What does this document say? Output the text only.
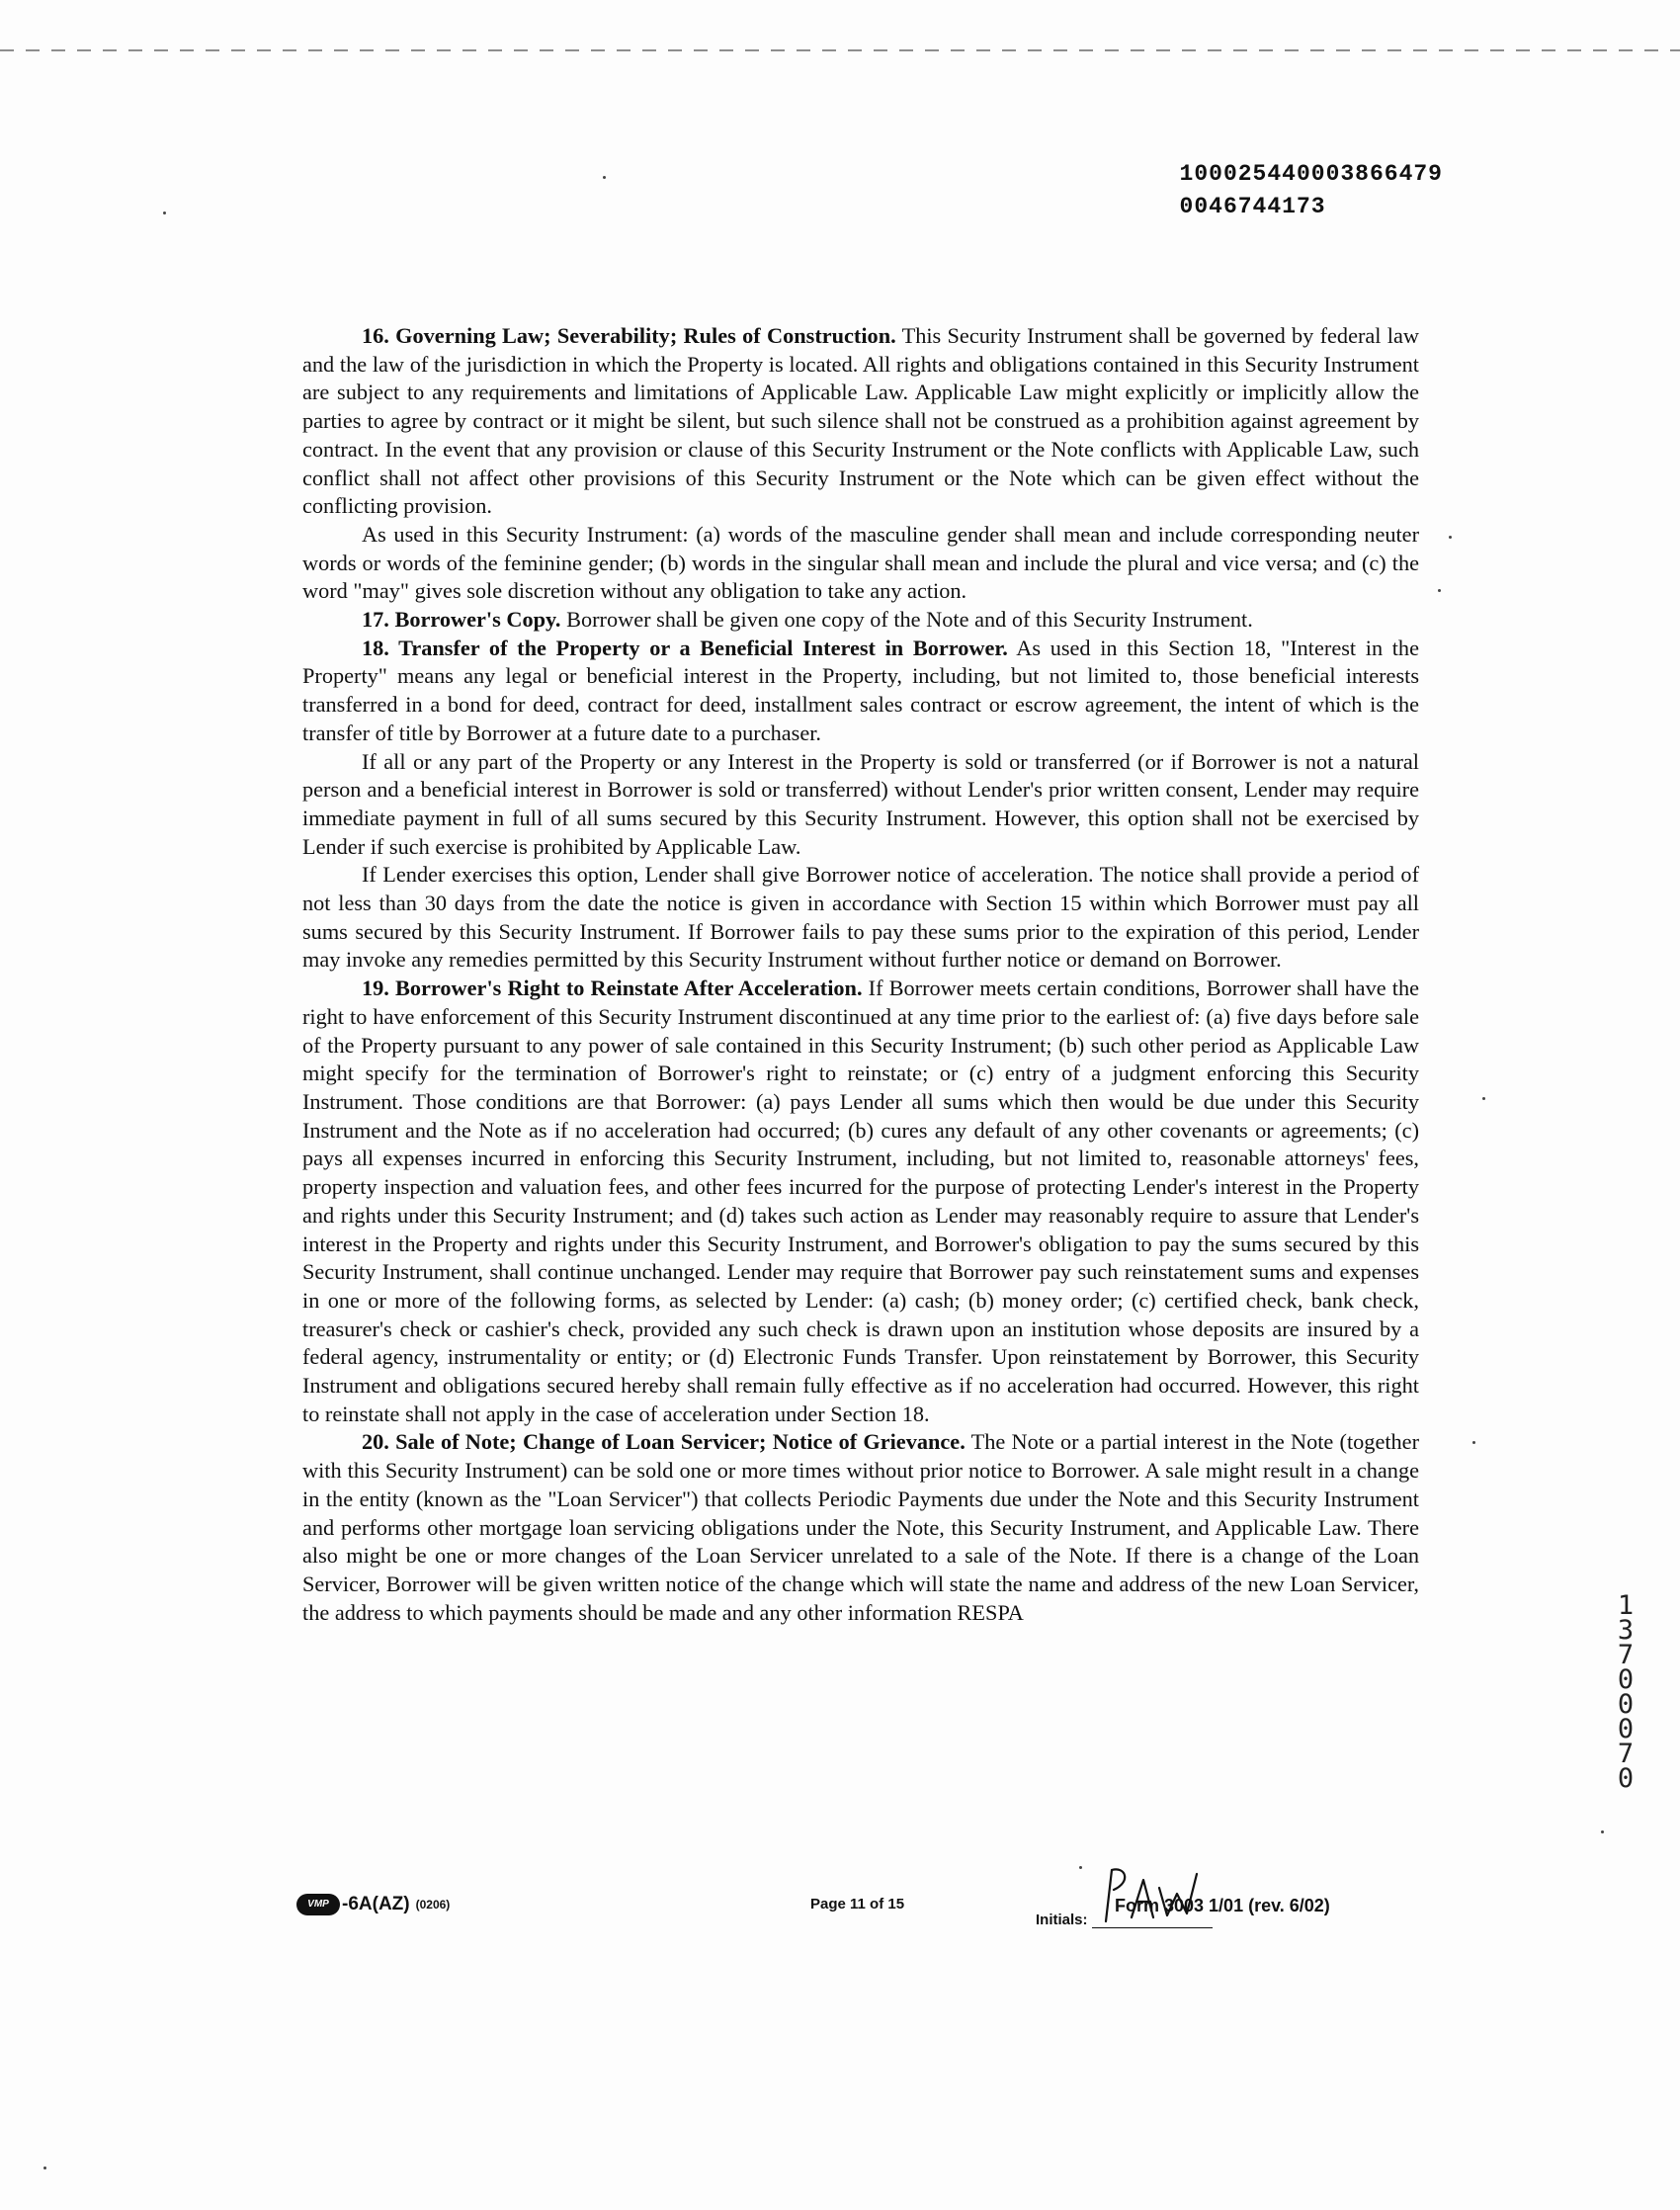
100025440003866479
0046744173

16. Governing Law; Severability; Rules of Construction. This Security Instrument shall be governed by federal law and the law of the jurisdiction in which the Property is located. All rights and obligations contained in this Security Instrument are subject to any requirements and limitations of Applicable Law. Applicable Law might explicitly or implicitly allow the parties to agree by contract or it might be silent, but such silence shall not be construed as a prohibition against agreement by contract. In the event that any provision or clause of this Security Instrument or the Note conflicts with Applicable Law, such conflict shall not affect other provisions of this Security Instrument or the Note which can be given effect without the conflicting provision.

As used in this Security Instrument: (a) words of the masculine gender shall mean and include corresponding neuter words or words of the feminine gender; (b) words in the singular shall mean and include the plural and vice versa; and (c) the word "may" gives sole discretion without any obligation to take any action.

17. Borrower's Copy. Borrower shall be given one copy of the Note and of this Security Instrument.

18. Transfer of the Property or a Beneficial Interest in Borrower. As used in this Section 18, "Interest in the Property" means any legal or beneficial interest in the Property, including, but not limited to, those beneficial interests transferred in a bond for deed, contract for deed, installment sales contract or escrow agreement, the intent of which is the transfer of title by Borrower at a future date to a purchaser.

If all or any part of the Property or any Interest in the Property is sold or transferred (or if Borrower is not a natural person and a beneficial interest in Borrower is sold or transferred) without Lender's prior written consent, Lender may require immediate payment in full of all sums secured by this Security Instrument. However, this option shall not be exercised by Lender if such exercise is prohibited by Applicable Law.

If Lender exercises this option, Lender shall give Borrower notice of acceleration. The notice shall provide a period of not less than 30 days from the date the notice is given in accordance with Section 15 within which Borrower must pay all sums secured by this Security Instrument. If Borrower fails to pay these sums prior to the expiration of this period, Lender may invoke any remedies permitted by this Security Instrument without further notice or demand on Borrower.

19. Borrower's Right to Reinstate After Acceleration. If Borrower meets certain conditions, Borrower shall have the right to have enforcement of this Security Instrument discontinued at any time prior to the earliest of: (a) five days before sale of the Property pursuant to any power of sale contained in this Security Instrument; (b) such other period as Applicable Law might specify for the termination of Borrower's right to reinstate; or (c) entry of a judgment enforcing this Security Instrument. Those conditions are that Borrower: (a) pays Lender all sums which then would be due under this Security Instrument and the Note as if no acceleration had occurred; (b) cures any default of any other covenants or agreements; (c) pays all expenses incurred in enforcing this Security Instrument, including, but not limited to, reasonable attorneys' fees, property inspection and valuation fees, and other fees incurred for the purpose of protecting Lender's interest in the Property and rights under this Security Instrument; and (d) takes such action as Lender may reasonably require to assure that Lender's interest in the Property and rights under this Security Instrument, and Borrower's obligation to pay the sums secured by this Security Instrument, shall continue unchanged. Lender may require that Borrower pay such reinstatement sums and expenses in one or more of the following forms, as selected by Lender: (a) cash; (b) money order; (c) certified check, bank check, treasurer's check or cashier's check, provided any such check is drawn upon an institution whose deposits are insured by a federal agency, instrumentality or entity; or (d) Electronic Funds Transfer. Upon reinstatement by Borrower, this Security Instrument and obligations secured hereby shall remain fully effective as if no acceleration had occurred. However, this right to reinstate shall not apply in the case of acceleration under Section 18.

20. Sale of Note; Change of Loan Servicer; Notice of Grievance. The Note or a partial interest in the Note (together with this Security Instrument) can be sold one or more times without prior notice to Borrower. A sale might result in a change in the entity (known as the "Loan Servicer") that collects Periodic Payments due under the Note and this Security Instrument and performs other mortgage loan servicing obligations under the Note, this Security Instrument, and Applicable Law. There also might be one or more changes of the Loan Servicer unrelated to a sale of the Note. If there is a change of the Loan Servicer, Borrower will be given written notice of the change which will state the name and address of the new Loan Servicer, the address to which payments should be made and any other information RESPA

VMP -6A(AZ) (0206)	Page 11 of 15
Initials:
Form 3003 1/01 (rev. 6/02)
1370 0070
